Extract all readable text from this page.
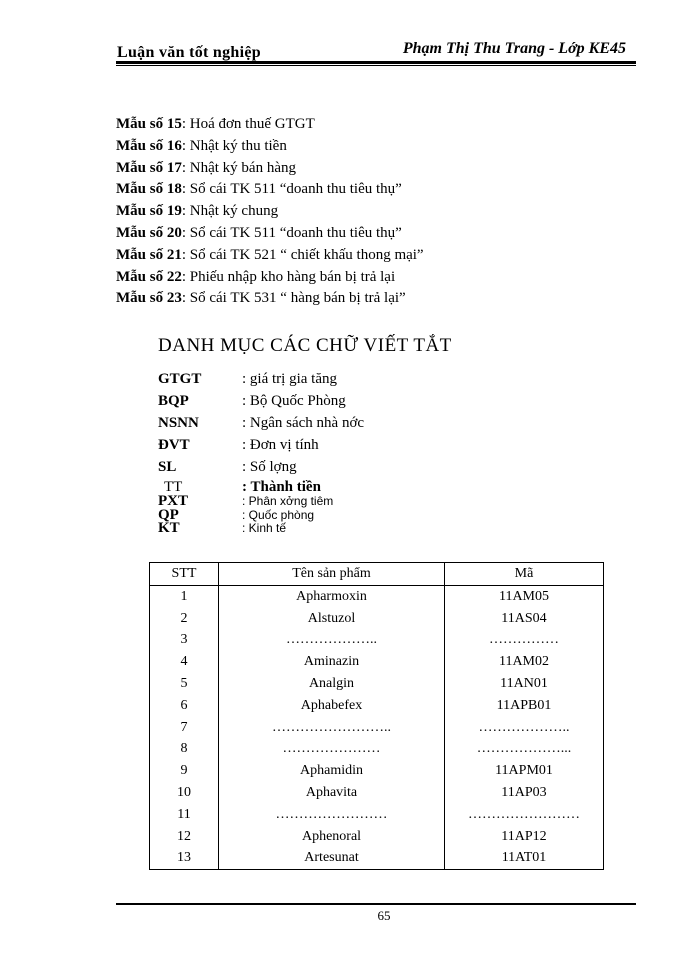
Luận văn tốt nghiệp	Phạm Thị Thu Trang - Lớp KE45
Mẫu số 15: Hoá đơn thuế GTGT
Mẫu số 16: Nhật ký thu tiền
Mẫu số 17: Nhật ký bán hàng
Mẫu số 18: Sổ cái TK 511 “doanh thu tiêu thụ”
Mẫu số 19: Nhật ký chung
Mẫu số 20: Sổ cái TK 511 “doanh thu tiêu thụ”
Mẫu số 21: Sổ cái TK 521 “ chiết khấu thong mại”
Mẫu số 22: Phiếu nhập kho hàng bán bị trả lại
Mẫu số 23: Sổ cái TK 531 “ hàng bán bị trả lại”
DANH MỤC CÁC CHỮ VIẾT TẮT
GTGT	: giá trị gia tăng
BQP	: Bộ Quốc Phòng
NSNN	: Ngân sách nhà nớc
ĐVT	: Đơn vị tính
SL	: Số lợng
TT	: Thành tiền
PXT	: Phân xởng tiêm
QP	: Quốc phòng
KT	: Kinh tế
STT	Tên sản phẩm	Mã
1	Apharmoxin	11AM05
2	Alstuzol	11AS04
3	………………..	……………
4	Aminazin	11AM02
5	Analgin	11AN01
6	Aphabefex	11APB01
7	……………………..	………………..
8	…………………	………………...
9	Aphamidin	11APM01
10	Aphavita	11AP03
11	……………………	……………………
12	Aphenoral	11AP12
13	Artesunat	11AT01
65
